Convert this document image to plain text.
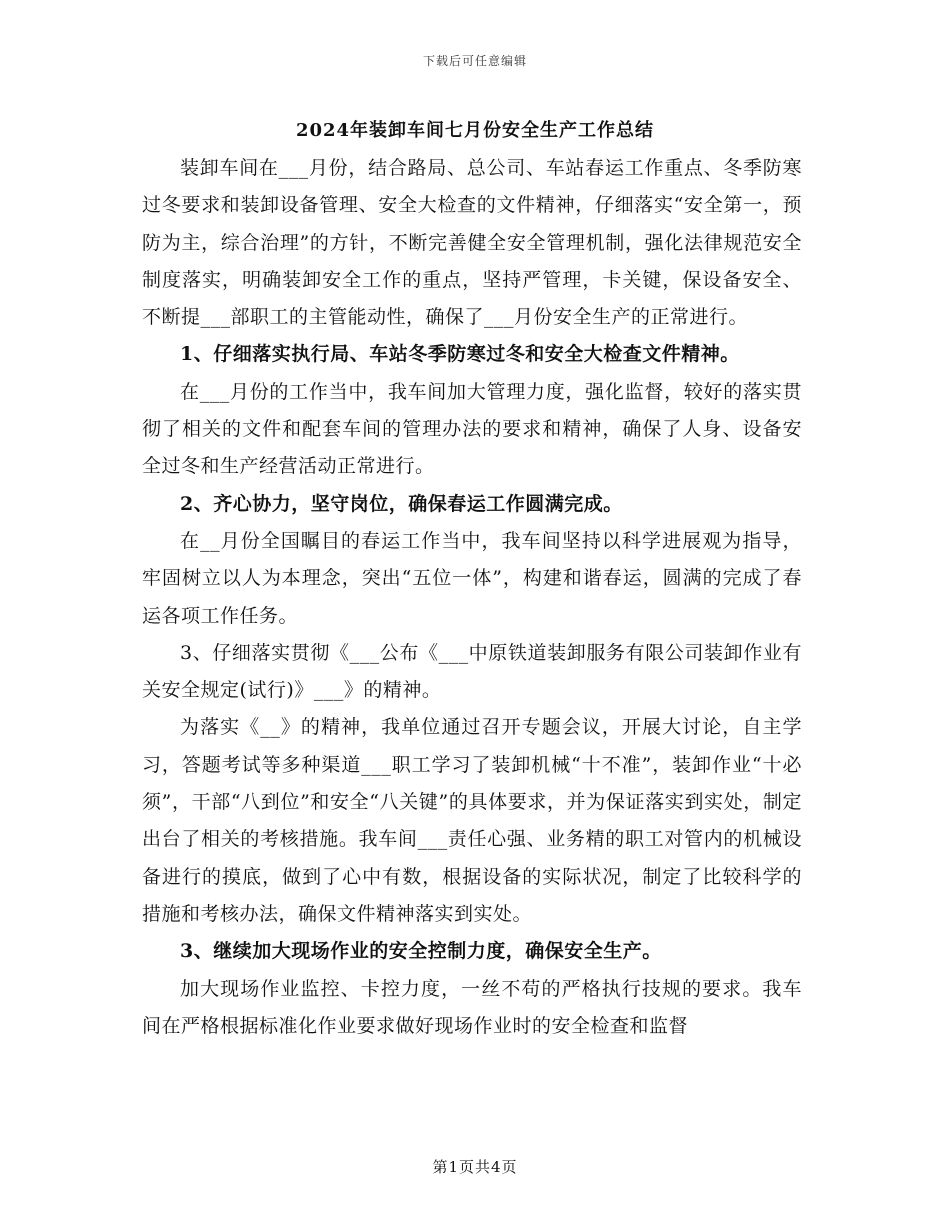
下载后可任意编辑
2024年装卸车间七月份安全生产工作总结

装卸车间在___月份，结合路局、总公司、车站春运工作重点、冬季防寒过冬要求和装卸设备管理、安全大检查的文件精神，仔细落实“安全第一，预防为主，综合治理”的方针，不断完善健全安全管理机制，强化法律规范安全制度落实，明确装卸安全工作的重点，坚持严管理，卡关键，保设备安全、不断提___部职工的主管能动性，确保了___月份安全生产的正常进行。

1、仔细落实执行局、车站冬季防寒过冬和安全大检查文件精神。

在___月份的工作当中，我车间加大管理力度，强化监督，较好的落实贯彻了相关的文件和配套车间的管理办法的要求和精神，确保了人身、设备安全过冬和生产经营活动正常进行。

2、齐心协力，坚守岗位，确保春运工作圆满完成。

在__月份全国瞩目的春运工作当中，我车间坚持以科学进展观为指导，牢固树立以人为本理念，突出“五位一体”，构建和谐春运，圆满的完成了春运各项工作任务。

3、仔细落实贯彻《___公布《___中原铁道装卸服务有限公司装卸作业有关安全规定(试行)》___》的精神。

为落实《__》的精神，我单位通过召开专题会议，开展大讨论，自主学习，答题考试等多种渠道___职工学习了装卸机械“十不准”，装卸作业“十必须”，干部“八到位”和安全“八关键”的具体要求，并为保证落实到实处，制定出台了相关的考核措施。我车间___责任心强、业务精的职工对管内的机械设备进行的摸底，做到了心中有数，根据设备的实际状况，制定了比较科学的措施和考核办法，确保文件精神落实到实处。

3、继续加大现场作业的安全控制力度，确保安全生产。

加大现场作业监控、卡控力度，一丝不苟的严格执行技规的要求。我车间在严格根据标准化作业要求做好现场作业时的安全检查和监督

第1页共4页
